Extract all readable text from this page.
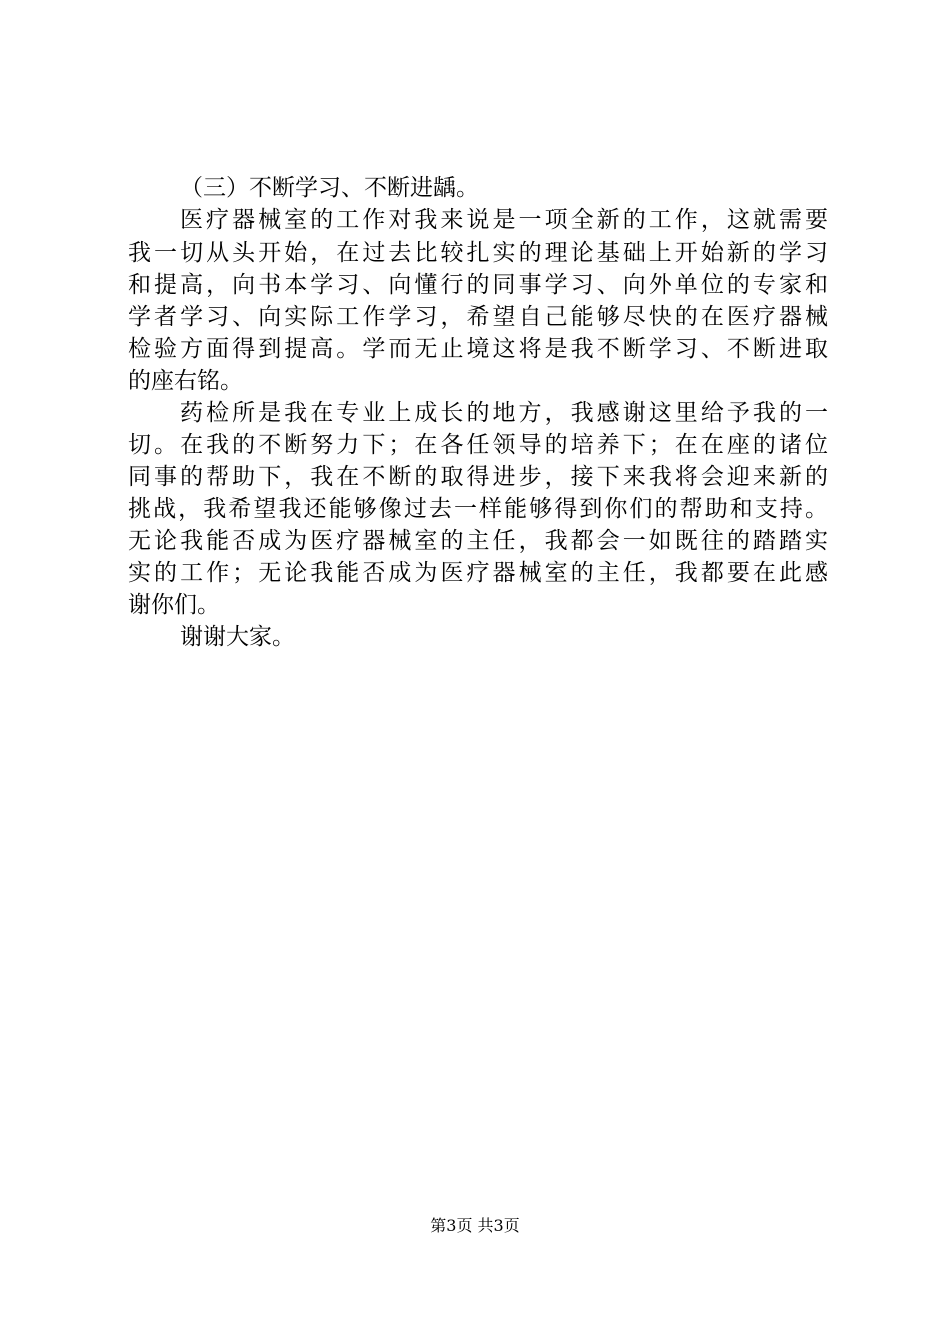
（三）不断学习、不断进龋。
医疗器械室的工作对我来说是一项全新的工作，这就需要
我一切从头开始，在过去比较扎实的理论基础上开始新的学习
和提高，向书本学习、向懂行的同事学习、向外单位的专家和
学者学习、向实际工作学习，希望自己能够尽快的在医疗器械
检验方面得到提高。学而无止境这将是我不断学习、不断进取
的座右铭。
药检所是我在专业上成长的地方，我感谢这里给予我的一
切。在我的不断努力下；在各任领导的培养下；在在座的诸位
同事的帮助下，我在不断的取得进步，接下来我将会迎来新的
挑战，我希望我还能够像过去一样能够得到你们的帮助和支持。
无论我能否成为医疗器械室的主任，我都会一如既往的踏踏实
实的工作；无论我能否成为医疗器械室的主任，我都要在此感
谢你们。
谢谢大家。
第3页 共3页
